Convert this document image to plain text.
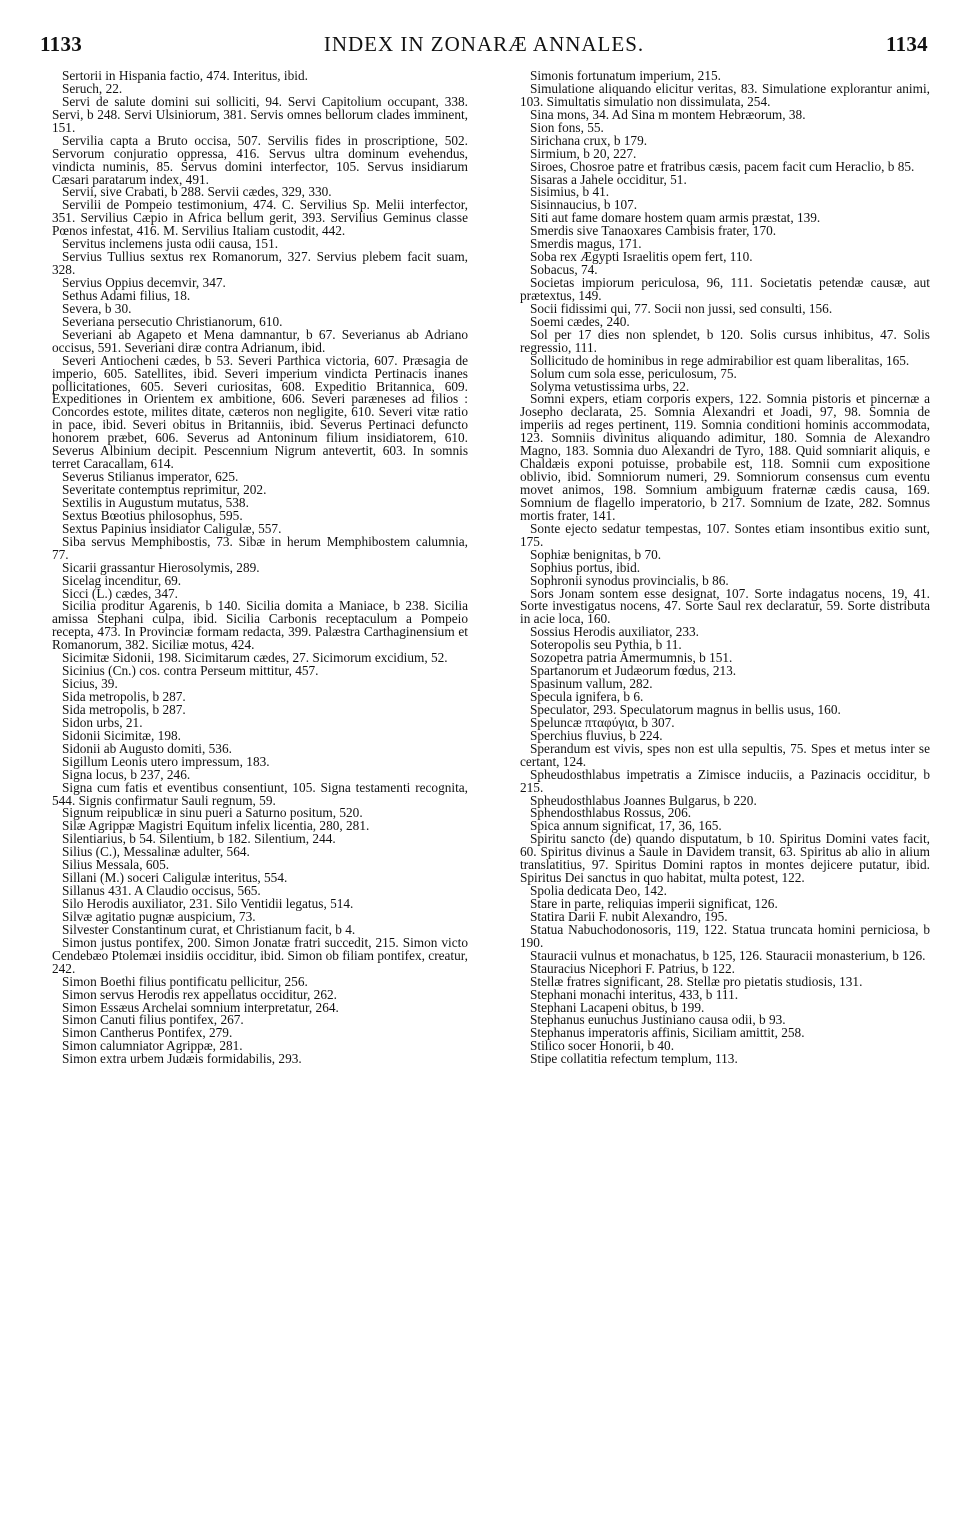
1133	INDEX IN ZONARÆ ANNALES.	1134

Sertorii in Hispania factio, 474. Interitus, ibid.

Seruch, 22.

Servi de salute domini sui solliciti, 94. Servi Capitolium occupant, 338. Servi, b 248. Servi Ulsiniorum, 381. Servis omnes bellorum clades imminent, 151.

Servilia capta a Bruto occisa, 507. Servilis fides in proscriptione, 502. Servorum conjuratio oppressa, 416. Servus ultra dominum evehendus, vindicta numinis, 85. Servus domini interfector, 105. Servus insidiarum Cæsari paratarum index, 491.

Servii, sive Crabati, b 288. Servii cædes, 329, 330.

Servilii de Pompeio testimonium, 474. C. Servilius Sp. Melii interfector, 351. Servilius Cæpio in Africa bellum gerit, 393. Servilius Geminus classe Pœnos infestat, 416. M. Servilius Italiam custodit, 442.

Servitus inclemens justa odii causa, 151.

Servius Tullius sextus rex Romanorum, 327. Servius plebem facit suam, 328.

Servius Oppius decemvir, 347.

Sethus Adami filius, 18.

Severa, b 30.

Severiana persecutio Christianorum, 610.

Severiani ab Agapeto et Mena damnantur, b 67. Severianus ab Adriano occisus, 591. Severiani diræ contra Adrianum, ibid.

Severi Antiocheni cædes, b 53. Severi Parthica victoria, 607. Præsagia de imperio, 605. Satellites, ibid. Severi imperium vindicta Pertinacis inanes pollicitationes, 605. Severi curiositas, 608. Expeditio Britannica, 609. Expeditiones in Orientem ex ambitione, 606. Severi paræneses ad filios : Concordes estote, milites ditate, cæteros non negligite, 610. Severi vitæ ratio in pace, ibid. Severi obitus in Britanniis, ibid. Severus Pertinaci defuncto honorem præbet, 606. Severus ad Antoninum filium insidiatorem, 610. Severus Albinium decipit. Pescennium Nigrum antevertit, 603. In somnis terret Caracallam, 614.

Severus Stilianus imperator, 625.

Severitate contemptus reprimitur, 202.

Sextilis in Augustum mutatus, 538.

Sextus Bœotius philosophus, 595.

Sextus Papinius insidiator Caligulæ, 557.

Siba servus Memphibostis, 73. Sibæ in herum Memphibostem calumnia, 77.

Sicarii grassantur Hierosolymis, 289.

Sicelag incenditur, 69.

Sicci (L.) cædes, 347.

Sicilia proditur Agarenis, b 140. Sicilia domita a Maniace, b 238. Sicilia amissa Stephani culpa, ibid. Sicilia Carbonis receptaculum a Pompeio recepta, 473. In Provinciæ formam redacta, 399. Palæstra Carthaginensium et Romanorum, 382. Siciliæ motus, 424.

Sicimitæ Sidonii, 198. Sicimitarum cædes, 27. Sicimorum excidium, 52.

Sicinius (Cn.) cos. contra Perseum mittitur, 457.

Sicius, 39.

Sida metropolis, b 287.

Sida metropolis, b 287.

Sidon urbs, 21.

Sidonii Sicimitæ, 198.

Sidonii ab Augusto domiti, 536.

Sigillum Leonis utero impressum, 183.

Signa locus, b 237, 246.

Signa cum fatis et eventibus consentiunt, 105. Signa testamenti recognita, 544. Signis confirmatur Sauli regnum, 59.

Signum reipublicæ in sinu pueri a Saturno positum, 520.

Silæ Agrippæ Magistri Equitum infelix licentia, 280, 281.

Silentiarius, b 54. Silentium, b 182. Silentium, 244.

Silius (C.), Messalinæ adulter, 564.

Silius Messala, 605.

Sillani (M.) soceri Caligulæ interitus, 554.

Sillanus 431. A Claudio occisus, 565.

Silo Herodis auxiliator, 231. Silo Ventidii legatus, 514.

Silvæ agitatio pugnæ auspicium, 73.

Silvester Constantinum curat, et Christianum facit, b 4.

Simon justus pontifex, 200. Simon Jonatæ fratri succedit, 215. Simon victo Cendebæo Ptolemæi insidiis occiditur, ibid. Simon ob filiam pontifex, creatur, 242.

Simon Boethi filius pontificatu pellicitur, 256.

Simon servus Herodis rex appellatus occiditur, 262.

Simon Essæus Archelai somnium interpretatur, 264.

Simon Canuti filius pontifex, 267.

Simon Cantherus Pontifex, 279.

Simon calumniator Agrippæ, 281.

Simon extra urbem Judæis formidabilis, 293.

Simonis fortunatum imperium, 215.

Simulatione aliquando elicitur veritas, 83. Simulatione explorantur animi, 103. Simultatis simulatio non dissimulata, 254.

Sina mons, 34. Ad Sina m montem Hebræorum, 38.

Sion fons, 55.

Sirichana crux, b 179.

Sirmium, b 20, 227.

Siroes, Chosroe patre et fratribus cæsis, pacem facit cum Heraclio, b 85.

Sisaras a Jahele occiditur, 51.

Sisimius, b 41.

Sisinnaucius, b 107.

Siti aut fame domare hostem quam armis præstat, 139.

Smerdis sive Tanaoxares Cambisis frater, 170.

Smerdis magus, 171.

Soba rex Ægypti Israelitis opem fert, 110.

Sobacus, 74.

Societas impiorum periculosa, 96, 111. Societatis petendæ causæ, aut prætextus, 149.

Socii fidissimi qui, 77. Socii non jussi, sed consulti, 156.

Soemi cædes, 240.

Sol per 17 dies non splendet, b 120. Solis cursus inhibitus, 47. Solis regressio, 111.

Sollicitudo de hominibus in rege admirabilior est quam liberalitas, 165.

Solum cum sola esse, periculosum, 75.

Solyma vetustissima urbs, 22.

Somni expers, etiam corporis expers, 122. Somnia pistoris et pincernæ a Josepho declarata, 25. Somnia Alexandri et Joadi, 97, 98. Somnia de imperiis ad reges pertinent, 119. Somnia conditioni hominis accommodata, 123. Somniis divinitus aliquando adimitur, 180. Somnia de Alexandro Magno, 183. Somnia duo Alexandri de Tyro, 188. Quid somniarit aliquis, e Chaldæis exponi potuisse, probabile est, 118. Somnii cum expositione oblivio, ibid. Somniorum numeri, 29. Somniorum consensus cum eventu movet animos, 198. Somnium ambiguum fraternæ cædis causa, 169. Somnium de flagello imperatorio, b 217. Somnium de Izate, 282. Somnus mortis frater, 141.

Sonte ejecto sedatur tempestas, 107. Sontes etiam insontibus exitio sunt, 175.

Sophiæ benignitas, b 70.

Sophius portus, ibid.

Sophronii synodus provincialis, b 86.

Sors Jonam sontem esse designat, 107. Sorte indagatus nocens, 19, 41. Sorte investigatus nocens, 47. Sorte Saul rex declaratur, 59. Sorte distributa in acie loca, 160.

Sossius Herodis auxiliator, 233.

Soteropolis seu Pythia, b 11.

Sozopetra patria Amermumnis, b 151.

Spartanorum et Judæorum fœdus, 213.

Spasinum vallum, 282.

Specula ignifera, b 6.

Speculator, 293. Speculatorum magnus in bellis usus, 160.

Speluncæ πταφύγια, b 307.

Sperchius fluvius, b 224.

Sperandum est vivis, spes non est ulla sepultis, 75. Spes et metus inter se certant, 124.

Spheudosthlabus impetratis a Zimisce induciis, a Pazinacis occiditur, b 215.

Spheudosthlabus Joannes Bulgarus, b 220.

Sphendosthlabus Rossus, 206.

Spica annum significat, 17, 36, 165.

Spiritu sancto (de) quando disputatum, b 10. Spiritus Domini vates facit, 60. Spiritus divinus a Saule in Davidem transit, 63. Spiritus ab alio in alium translatitius, 97. Spiritus Domini raptos in montes dejicere putatur, ibid. Spiritus Dei sanctus in quo habitat, multa potest, 122.

Spolia dedicata Deo, 142.

Stare in parte, reliquias imperii significat, 126.

Statira Darii F. nubit Alexandro, 195.

Statua Nabuchodonosoris, 119, 122. Statua truncata homini perniciosa, b 190.

Stauracii vulnus et monachatus, b 125, 126. Stauracii monasterium, b 126.

Stauracius Nicephori F. Patrius, b 122.

Stellæ fratres significant, 28. Stellæ pro pietatis studiosis, 131.

Stephani monachi interitus, 433, b 111.

Stephani Lacapeni obitus, b 199.

Stephanus eunuchus Justiniano causa odii, b 93.

Stephanus imperatoris affinis, Siciliam amittit, 258.

Stilico socer Honorii, b 40.

Stipe collatitia refectum templum, 113.
